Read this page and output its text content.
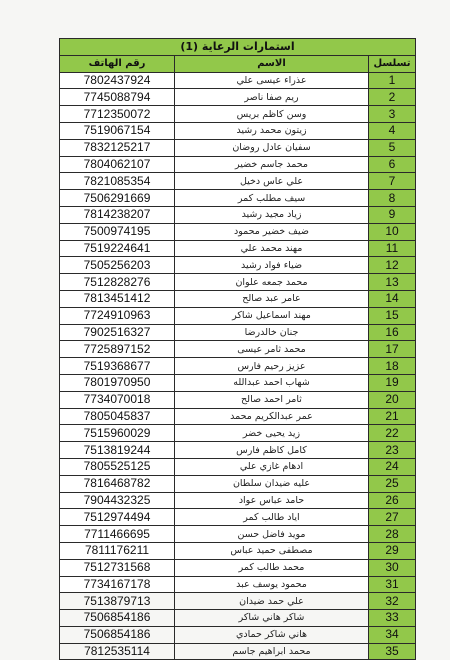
استمارات الرعاية (1)		
رقم الهاتف	الاسم	تسلسل
7802437924	عذراء عيسى علي	1
7745088794	ريم صفا ناصر	2
7712350072	وسن كاظم بريس	3
7519067154	زيتون محمد رشيد	4
7832125217	سفيان عادل روضان	5
7804062107	محمد جاسم خضير	6
7821085354	علي عاس دخيل	7
7506291669	سيف مطلب كمر	8
7814238207	زياد مجيد رشيد	9
7500974195	ضيف خضير محمود	10
7519224641	مهند محمد علي	11
7505256203	ضياء فواد رشيد	12
7512828276	محمد جمعه علوان	13
7813451412	عامر عبد صالح	14
7724910963	مهند اسماعيل شاكر	15
7902516327	جنان خالدرضا	16
7725897152	محمد ثامر عيسى	17
7519368677	عزيز رحيم فارس	18
7801970950	شهاب احمد عبدالله	19
7734070018	ثامر احمد صالح	20
7805045837	عمر عبدالكريم محمد	21
7515960029	زيد يحيى خضر	22
7513819244	كامل كاظم فارس	23
7805525125	ادهام غازي علي	24
7816468782	عليه ضيدان سلطان	25
7904432325	حامد عباس عواد	26
7512974494	اياد طالب كمر	27
7711466695	مويد فاضل حسن	28
7811176211	مصطفى حميد عباس	29
7512731568	محمد طالب كمر	30
7734167178	محمود يوسف عبد	31
7513879713	علي حمد ضيدان	32
7506854186	شاكر هاني شاكر	33
7506854186	هاني شاكر حمادي	34
7812535114	محمد ابراهيم جاسم	35
